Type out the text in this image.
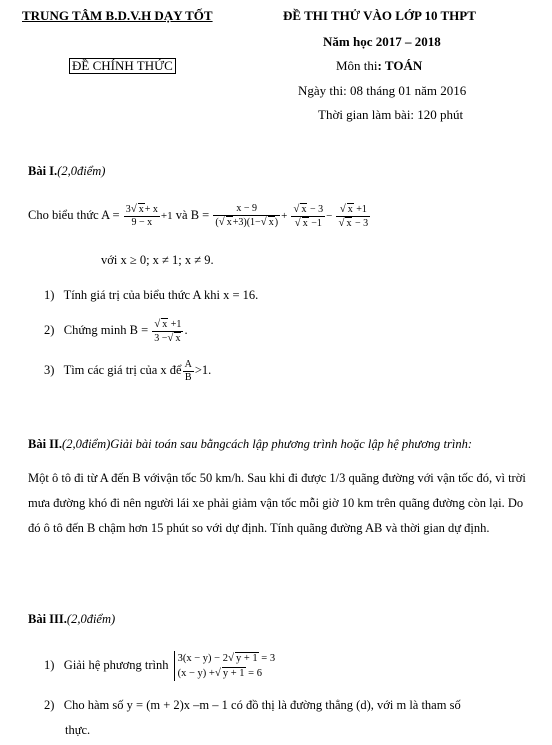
TRUNG TÂM B.D.V.H DẠY TỐT	ĐỀ THI THỬ VÀO LỚP 10 THPT
Năm học 2017 – 2018
ĐỀ CHÍNH THỨC	Môn thi: TOÁN
Ngày thi: 08 tháng 01 năm 2016
Thời gian làm bài: 120 phút
Bài I.(2,0điểm)
Cho biểu thức $A = \frac{3√ x+ x}{9 - x} +1$ và $B = \frac{x - 9}{(√ x+3)(1-√ x)} + \frac{√ x - 3}{√ x -1} - \frac{√ x +1}{√ x - 3}$
với x ≥ 0; x ≠ 1; x ≠ 9.
1) Tính giá trị của biểu thức A khi x = 16.
2) Chứng minh $B = \frac{√ x +1}{3 -√ x}$ .
3) Tìm các giá trị của x để $\frac{A}{B} >1$.
Bài II.(2,0điểm)Giải bài toán sau bằngcách lập phương trình hoặc lập hệ phương trình:
Một ô tô đi từ A đến B vớivận tốc 50 km/h. Sau khi đi được 1/3 quãng đường với vận tốc đó, vì trời mưa đường khó đi nên người lái xe phải giảm vận tốc mỗi giờ 10 km trên quãng đường còn lại. Do đó ô tô đến B chậm hơn 15 phút so với dự định. Tính quãng đường AB và thời gian dự định.
Bài III.(2,0điểm)
1) Giải hệ phương trình 3(x − y) − 2√ y + 1 = 3
(x − y) +√ y + 1 = 6
2) Cho hàm số y = (m + 2)x –m – 1 có đồ thị là đường thẳng (d), với m là tham số
thực.
